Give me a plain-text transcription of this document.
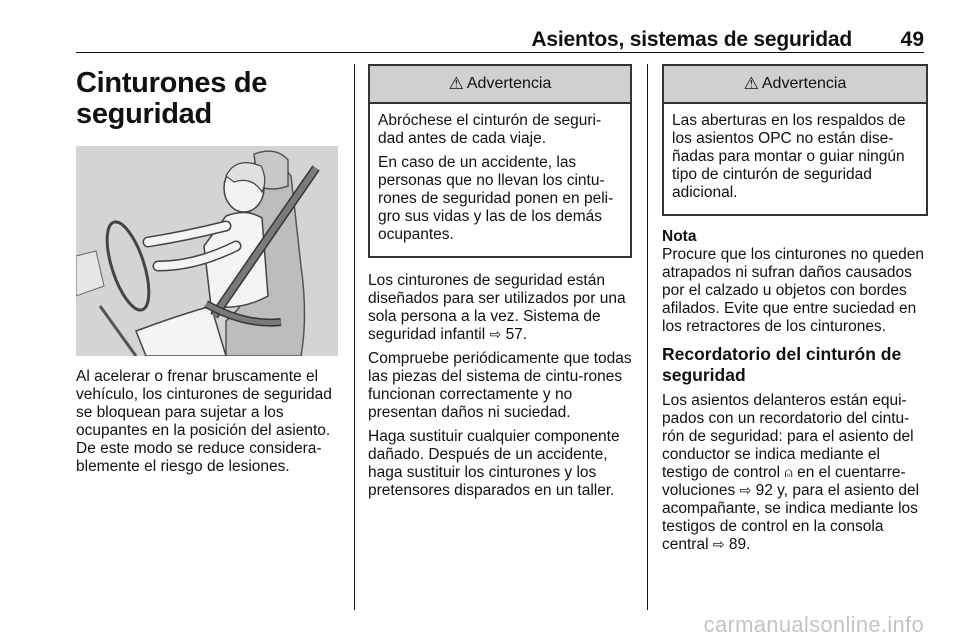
Asientos, sistemas de seguridad 49
Cinturones de
seguridad

Al acelerar o frenar bruscamente el vehículo, los cinturones de seguridad se bloquean para sujetar a los ocupantes en la posición del asiento. De este modo se reduce considera-blemente el riesgo de lesiones.

⚠ Advertencia

Abróchese el cinturón de seguri-dad antes de cada viaje.

En caso de un accidente, las personas que no llevan los cintu-rones de seguridad ponen en peli-gro sus vidas y las de los demás ocupantes.

Los cinturones de seguridad están diseñados para ser utilizados por una sola persona a la vez. Sistema de seguridad infantil ⇨ 57.

Compruebe periódicamente que todas las piezas del sistema de cintu-rones funcionan correctamente y no presentan daños ni suciedad.

Haga sustituir cualquier componente dañado. Después de un accidente, haga sustituir los cinturones y los pretensores disparados en un taller.

⚠ Advertencia

Las aberturas en los respaldos de los asientos OPC no están dise-ñadas para montar o guiar ningún tipo de cinturón de seguridad adicional.

Nota

Procure que los cinturones no queden atrapados ni sufran daños causados por el calzado u objetos con bordes afilados. Evite que entre suciedad en los retractores de los cinturones.

Recordatorio del cinturón de seguridad

Los asientos delanteros están equi-pados con un recordatorio del cintu-rón de seguridad: para el asiento del conductor se indica mediante el testigo de control ⍝ en el cuentarre-voluciones ⇨ 92 y, para el asiento del acompañante, se indica mediante los testigos de control en la consola central ⇨ 89.

carmanualsonline.info
